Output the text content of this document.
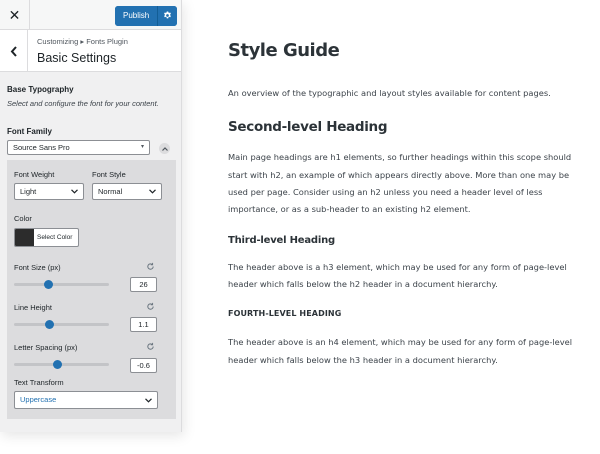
✕	Publish
Customizing ▸ Fonts Plugin
Basic Settings
Base Typography
Select and configure the font for your content.
Font Family
Source Sans Pro	▾
Font Weight
Light
Font Style
Normal
Color
Select Color
Font Size (px)
26
Line Height
1.1
Letter Spacing (px)
-0.6
Text Transform
Uppercase
Style Guide
An overview of the typographic and layout styles available for content pages.
Second-level Heading
Main page headings are h1 elements, so further headings within this scope should
start with h2, an example of which appears directly above. More than one may be
used per page. Consider using an h2 unless you need a header level of less
importance, or as a sub-header to an existing h2 element.
Third-level Heading
The header above is a h3 element, which may be used for any form of page-level
header which falls below the h2 header in a document hierarchy.
FOURTH-LEVEL HEADING
The header above is an h4 element, which may be used for any form of page-level
header which falls below the h3 header in a document hierarchy.
